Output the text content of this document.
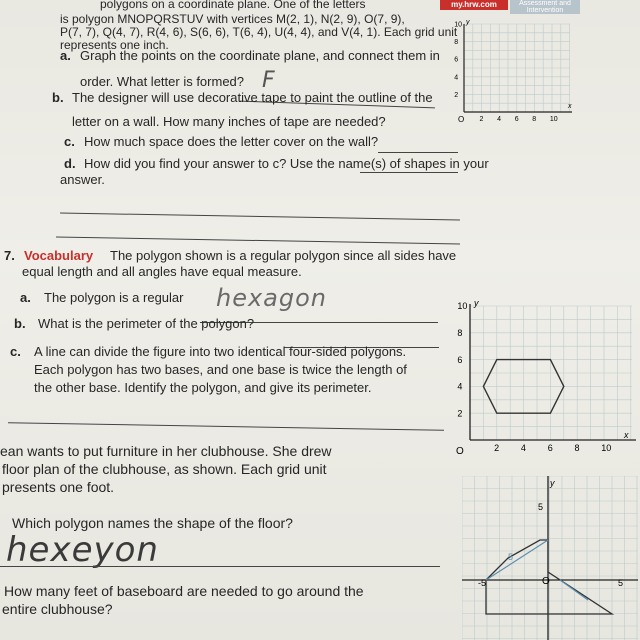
my.hrw.com	Assessment and
Intervention
polygons on a coordinate plane. One of the letters
is polygon MNOPQRSTUV with vertices M(2, 1), N(2, 9), O(7, 9),
P(7, 7), Q(4, 7), R(4, 6), S(6, 6), T(6, 4), U(4, 4), and V(4, 1). Each grid unit
represents one inch.
a. Graph the points on the coordinate plane, and connect them in
order. What letter is formed? F
b. The designer will use decorative tape to paint the outline of the
letter on a wall. How many inches of tape are needed?
c. How much space does the letter cover on the wall?
d. How did you find your answer to c? Use the name(s) of shapes in your
answer.
7. Vocabulary The polygon shown is a regular polygon since all sides have
equal length and all angles have equal measure.
a. The polygon is a regular hexagon
b. What is the perimeter of the polygon?
c. A line can divide the figure into two identical four-sided polygons.
Each polygon has two bases, and one base is twice the length of
the other base. Identify the polygon, and give its perimeter.
ean wants to put furniture in her clubhouse. She drew
floor plan of the clubhouse, as shown. Each grid unit
presents one foot.
Which polygon names the shape of the floor?
hexeyon
How many feet of baseboard are needed to go around the
entire clubhouse?
O
x
y
2 4 6 8 10
2
4
6
8
10
O
x
y
2 4 6 8 10
2
4
6
8
10
5
O
y
-5	5
5
